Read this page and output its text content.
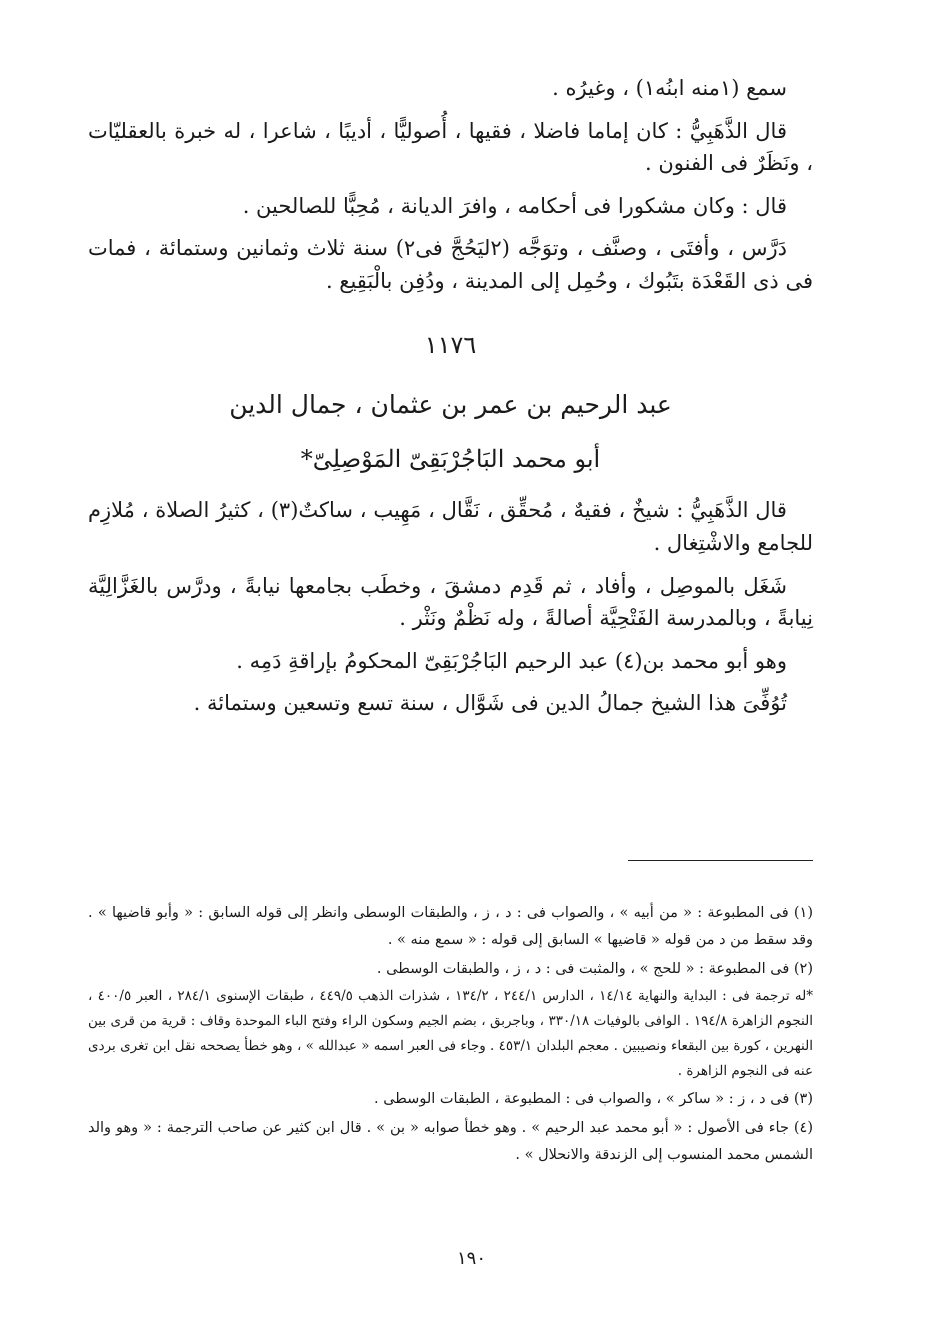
سمع (١منه ابنُه١) ، وغيرُه .

قال الذَّهَبِيُّ : كان إماما فاضلا ، فقيها ، أُصوليًّا ، أديبًا ، شاعرا ، له خبرة بالعقليّات ، ونَظَرٌ فى الفنون .

قال : وكان مشكورا فى أحكامه ، وافرَ الديانة ، مُحِبًّا للصالحين .

دَرَّس ، وأفتَى ، وصنَّف ، وتوَجَّه (٢ليَحُجَّ فى٢) سنة ثلاث وثمانين وستمائة ، فمات فى ذى القَعْدَة بتَبُوك ، وحُمِل إلى المدينة ، ودُفِن بالْبَقِيع .

١١٧٦
عبد الرحيم بن عمر بن عثمان ، جمال الدين
أبو محمد البَاجُرْبَقِىّ المَوْصِلِىّ*

قال الذَّهَبِيُّ : شيخٌ ، فقيهٌ ، مُحقِّق ، نَقَّال ، مَهِيب ، ساكتٌ(٣) ، كثيرُ الصلاة ، مُلازِم للجامع والاشْتِغال .

شَغَل بالموصِل ، وأفاد ، ثم قَدِم دمشقَ ، وخطَب بجامعها نيابةً ، ودرَّس بالغَزَّالِيَّة نِيابةً ، وبالمدرسة الفَتْحِيَّة أصالةً ، وله نَظْمٌ ونَثْر .

وهو أبو محمد بن(٤) عبد الرحيم البَاجُرْبَقِىّ المحكومُ بإراقةِ دَمِه .

تُوُفِّىَ هذا الشيخ جمالُ الدين فى شَوَّال ، سنة تسع وتسعين وستمائة .

(١) فى المطبوعة : « من أبيه » ، والصواب فى : د ، ز ، والطبقات الوسطى وانظر إلى قوله السابق : « وأبو قاضيها » . وقد سقط من د من قوله « قاضيها » السابق إلى قوله : « سمع منه » .

(٢) فى المطبوعة : « للحج » ، والمثبت فى : د ، ز ، والطبقات الوسطى .

*له ترجمة فى : البداية والنهاية ١٤/١٤ ، الدارس ٢٤٤/١ ، ١٣٤/٢ ، شذرات الذهب ٤٤٩/٥ ، طبقات الإسنوى ٢٨٤/١ ، العبر ٤٠٠/٥ ، النجوم الزاهرة ١٩٤/٨ . الوافى بالوفيات ٣٣٠/١٨ ، وباجربق ، بضم الجيم وسكون الراء وفتح الباء الموحدة وقاف : قرية من قرى بين النهرين ، كورة بين البقعاء ونصيبين . معجم البلدان ٤٥٣/١ . وجاء فى العبر اسمه « عبدالله » ، وهو خطأ يصححه نقل ابن تغرى بردى عنه فى النجوم الزاهرة .

(٣) فى د ، ز : « ساكر » ، والصواب فى : المطبوعة ، الطبقات الوسطى .

(٤) جاء فى الأصول : « أبو محمد عبد الرحيم » . وهو خطأ صوابه « بن » . قال ابن كثير عن صاحب الترجمة : « وهو والد الشمس محمد المنسوب إلى الزندقة والانحلال » .

١٩٠
